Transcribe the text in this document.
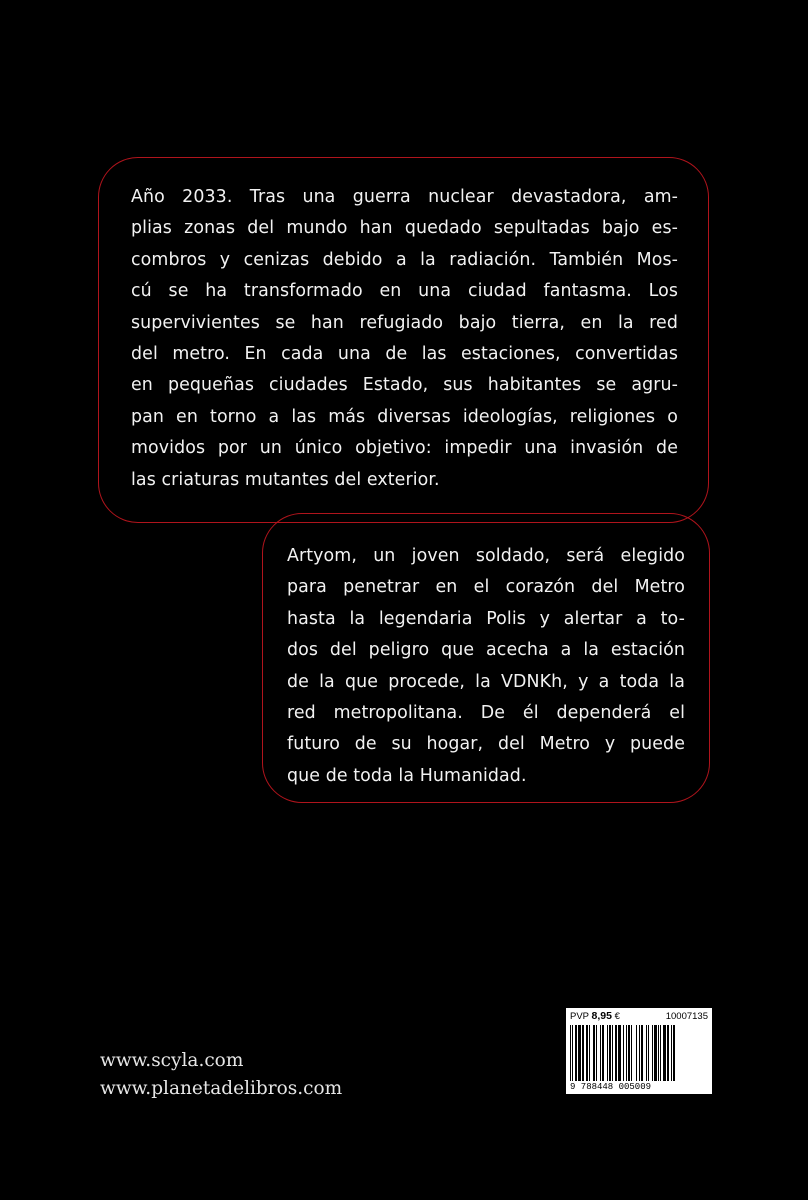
Año 2033. Tras una guerra nuclear devastadora, am-
plias zonas del mundo han quedado sepultadas bajo es-
combros y cenizas debido a la radiación. También Mos-
cú se ha transformado en una ciudad fantasma. Los
supervivientes se han refugiado bajo tierra, en la red
del metro. En cada una de las estaciones, convertidas
en pequeñas ciudades Estado, sus habitantes se agru-
pan en torno a las más diversas ideologías, religiones o
movidos por un único objetivo: impedir una invasión de
las criaturas mutantes del exterior.

Artyom, un joven soldado, será elegido
para penetrar en el corazón del Metro
hasta la legendaria Polis y alertar a to-
dos del peligro que acecha a la estación
de la que procede, la VDNKh, y a toda la
red metropolitana. De él dependerá el
futuro de su hogar, del Metro y puede
que de toda la Humanidad.

www.scyla.com
www.planetadelibros.com
PVP 8,95 €	10007135
9 788448 005009
